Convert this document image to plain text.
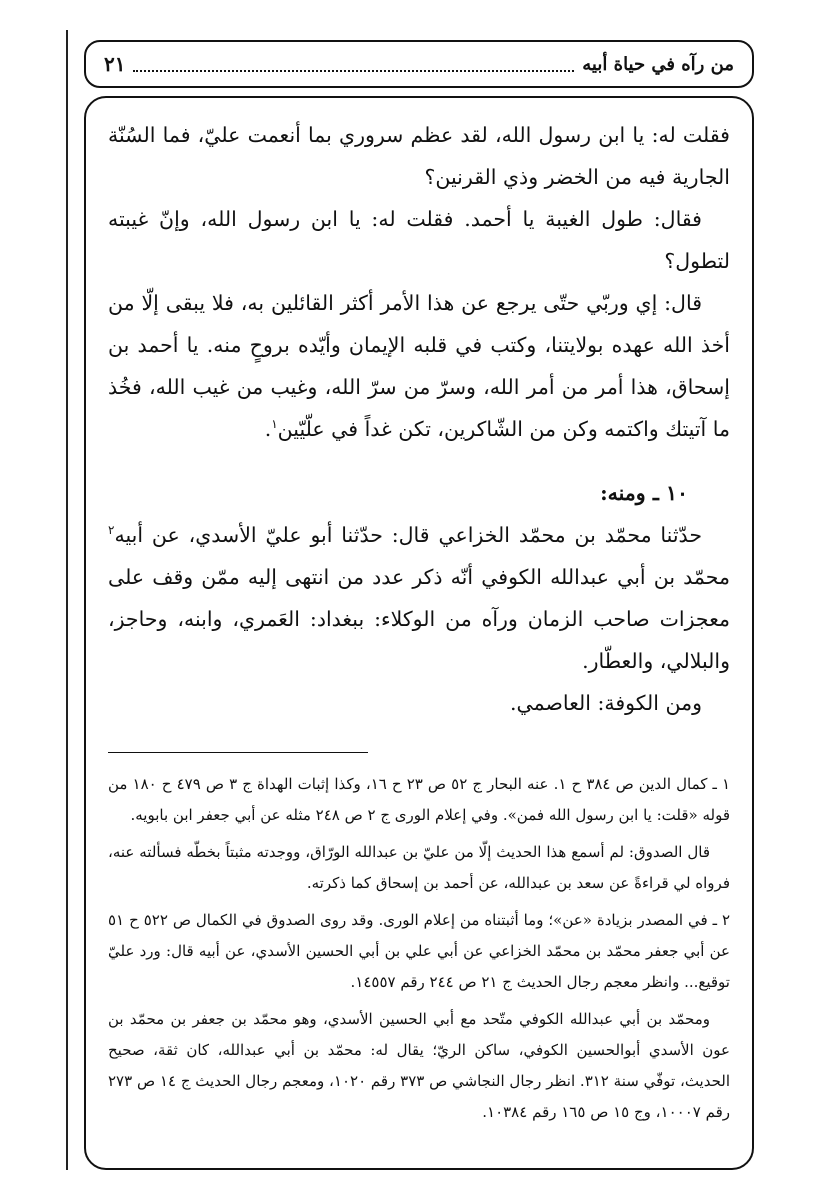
من رآه في حياة أبيه
٢١

فقلت له: يا ابن رسول الله، لقد عظم سروري بما أنعمت عليّ، فما السُنّة الجارية فيه من الخضر وذي القرنين؟

فقال: طول الغيبة يا أحمد. فقلت له: يا ابن رسول الله، وإنّ غيبته لتطول؟

قال: إي وربّي حتّى يرجع عن هذا الأمر أكثر القائلين به، فلا يبقى إلّا من أخذ الله عهده بولايتنا، وكتب في قلبه الإيمان وأيّده بروحٍ منه. يا أحمد بن إسحاق، هذا أمر من أمر الله، وسرّ من سرّ الله، وغيب من غيب الله، فخُذ ما آتيتك واكتمه وكن من الشّاكرين، تكن غداً في علّيّين$^١$.

١٠ ـ ومنه:

حدّثنا محمّد بن محمّد الخزاعي قال: حدّثنا أبو عليّ الأسدي، عن أبيه$^٢$ محمّد بن أبي عبدالله الكوفي أنّه ذكر عدد من انتهى إليه ممّن وقف على معجزات صاحب الزمان ورآه من الوكلاء: ببغداد: العَمري، وابنه، وحاجز، والبلالي، والعطّار.

ومن الكوفة: العاصمي.

١ ـ كمال الدين ص ٣٨٤ ح ١. عنه البحار ج ٥٢ ص ٢٣ ح ١٦، وكذا إثبات الهداة ج ٣ ص ٤٧٩ ح ١٨٠ من قوله «قلت: يا ابن رسول الله فمن». وفي إعلام الورى ج ٢ ص ٢٤٨ مثله عن أبي جعفر ابن بابويه.

قال الصدوق: لم أسمع هذا الحديث إلّا من عليّ بن عبدالله الورّاق، ووجدته مثبتاً بخطّه فسألته عنه، فرواه لي قراءةً عن سعد بن عبدالله، عن أحمد بن إسحاق كما ذكرته.

٢ ـ في المصدر بزيادة «عن»؛ وما أثبتناه من إعلام الورى. وقد روى الصدوق في الكمال ص ٥٢٢ ح ٥١ عن أبي جعفر محمّد بن محمّد الخزاعي عن أبي علي بن أبي الحسين الأسدي، عن أبيه قال: ورد عليّ توقيع... وانظر معجم رجال الحديث ج ٢١ ص ٢٤٤ رقم ١٤٥٥٧.

ومحمّد بن أبي عبدالله الكوفي متّحد مع أبي الحسين الأسدي، وهو محمّد بن جعفر بن محمّد بن عون الأسدي أبوالحسين الكوفي، ساكن الريّ؛ يقال له: محمّد بن أبي عبدالله، كان ثقة، صحيح الحديث، توفّي سنة ٣١٢. انظر رجال النجاشي ص ٣٧٣ رقم ١٠٢٠، ومعجم رجال الحديث ج ١٤ ص ٢٧٣ رقم ١٠٠٠٧، وج ١٥ ص ١٦٥ رقم ١٠٣٨٤.
